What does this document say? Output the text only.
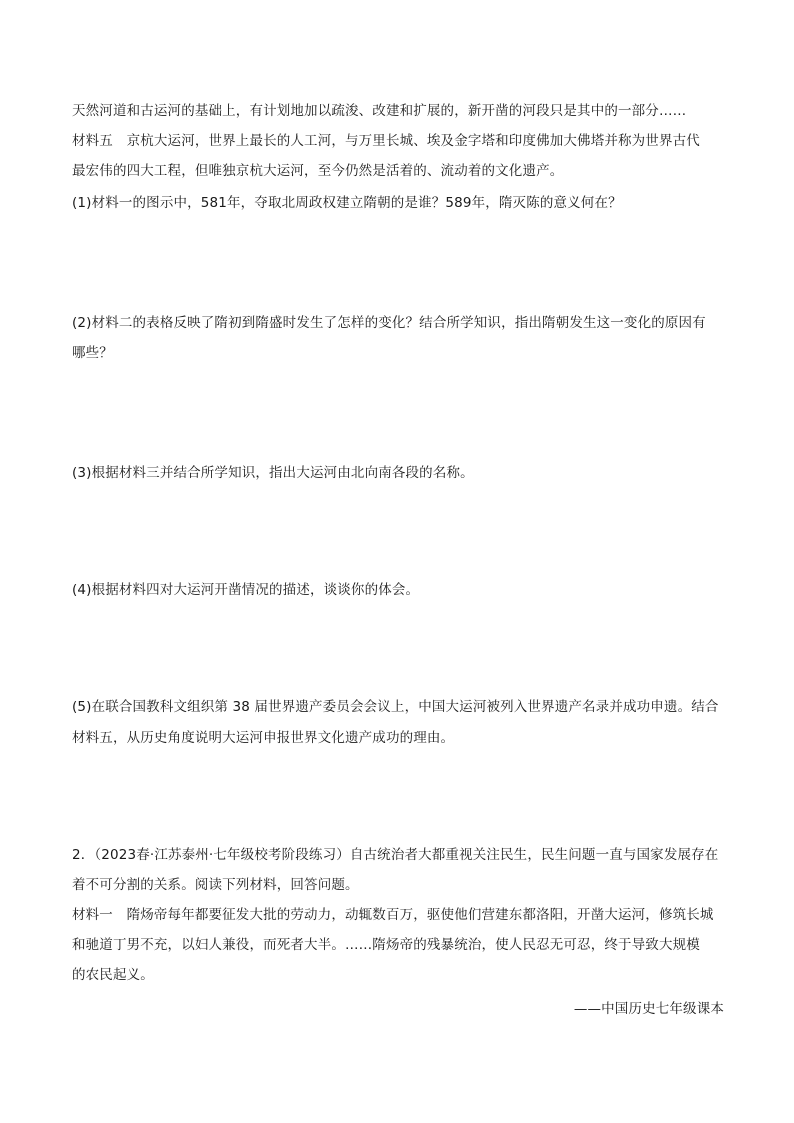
天然河道和古运河的基础上，有计划地加以疏浚、改建和扩展的，新开凿的河段只是其中的一部分……
材料五　京杭大运河，世界上最长的人工河，与万里长城、埃及金字塔和印度佛加大佛塔并称为世界古代
最宏伟的四大工程，但唯独京杭大运河，至今仍然是活着的、流动着的文化遗产。
(1)材料一的图示中，581年，夺取北周政权建立隋朝的是谁？589年，隋灭陈的意义何在？
(2)材料二的表格反映了隋初到隋盛时发生了怎样的变化？结合所学知识，指出隋朝发生这一变化的原因有
哪些？
(3)根据材料三并结合所学知识，指出大运河由北向南各段的名称。
(4)根据材料四对大运河开凿情况的描述，谈谈你的体会。
(5)在联合国教科文组织第 38 届世界遗产委员会会议上，中国大运河被列入世界遗产名录并成功申遗。结合
材料五，从历史角度说明大运河申报世界文化遗产成功的理由。
2．（2023春·江苏泰州·七年级校考阶段练习）自古统治者大都重视关注民生，民生问题一直与国家发展存在
着不可分割的关系。阅读下列材料，回答问题。
材料一　隋炀帝每年都要征发大批的劳动力，动辄数百万，驱使他们营建东都洛阳，开凿大运河，修筑长城
和驰道丁男不充，以妇人兼役，而死者大半。……隋炀帝的残暴统治，使人民忍无可忍，终于导致大规模
的农民起义。
——中国历史七年级课本
